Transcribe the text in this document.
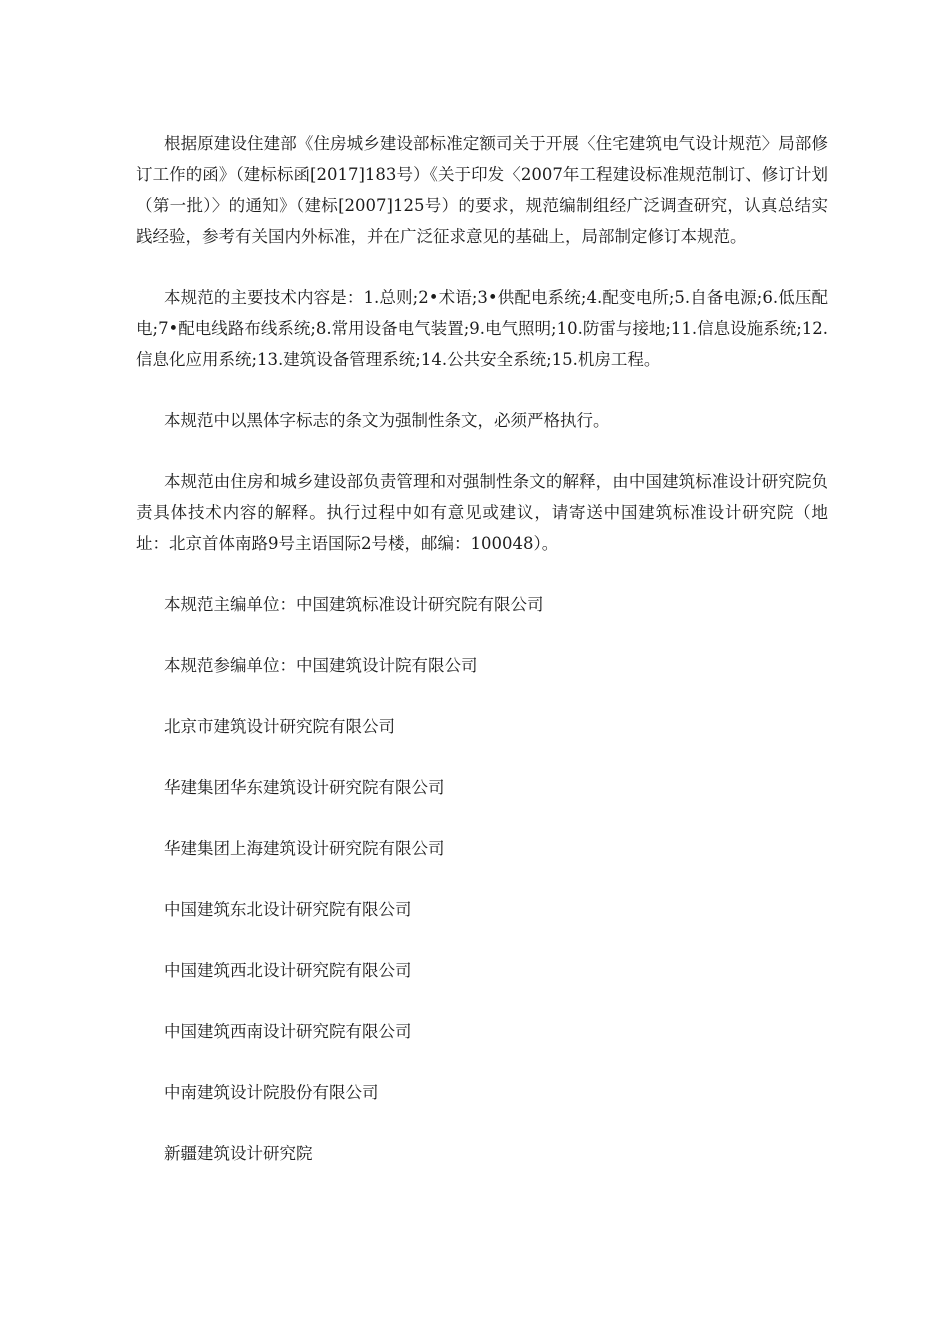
根据原建设住建部《住房城乡建设部标准定额司关于开展〈住宅建筑电气设计规范〉局部修订工作的函》（建标标函[2017]183号）《关于印发〈2007年工程建设标准规范制订、修订计划（第一批）〉的通知》（建标[2007]125号）的要求，规范编制组经广泛调查研究，认真总结实践经验，参考有关国内外标准，并在广泛征求意见的基础上，局部制定修订本规范。

本规范的主要技术内容是：1.总则;2•术语;3•供配电系统;4.配变电所;5.自备电源;6.低压配电;7•配电线路布线系统;8.常用设备电气装置;9.电气照明;10.防雷与接地;11.信息设施系统;12.信息化应用系统;13.建筑设备管理系统;14.公共安全系统;15.机房工程。

本规范中以黑体字标志的条文为强制性条文，必须严格执行。

本规范由住房和城乡建设部负责管理和对强制性条文的解释，由中国建筑标准设计研究院负责具体技术内容的解释。执行过程中如有意见或建议，请寄送中国建筑标准设计研究院（地址：北京首体南路9号主语国际2号楼，邮编：100048）。

本规范主编单位：中国建筑标准设计研究院有限公司

本规范参编单位：中国建筑设计院有限公司

北京市建筑设计研究院有限公司

华建集团华东建筑设计研究院有限公司

华建集团上海建筑设计研究院有限公司

中国建筑东北设计研究院有限公司

中国建筑西北设计研究院有限公司

中国建筑西南设计研究院有限公司

中南建筑设计院股份有限公司

新疆建筑设计研究院
